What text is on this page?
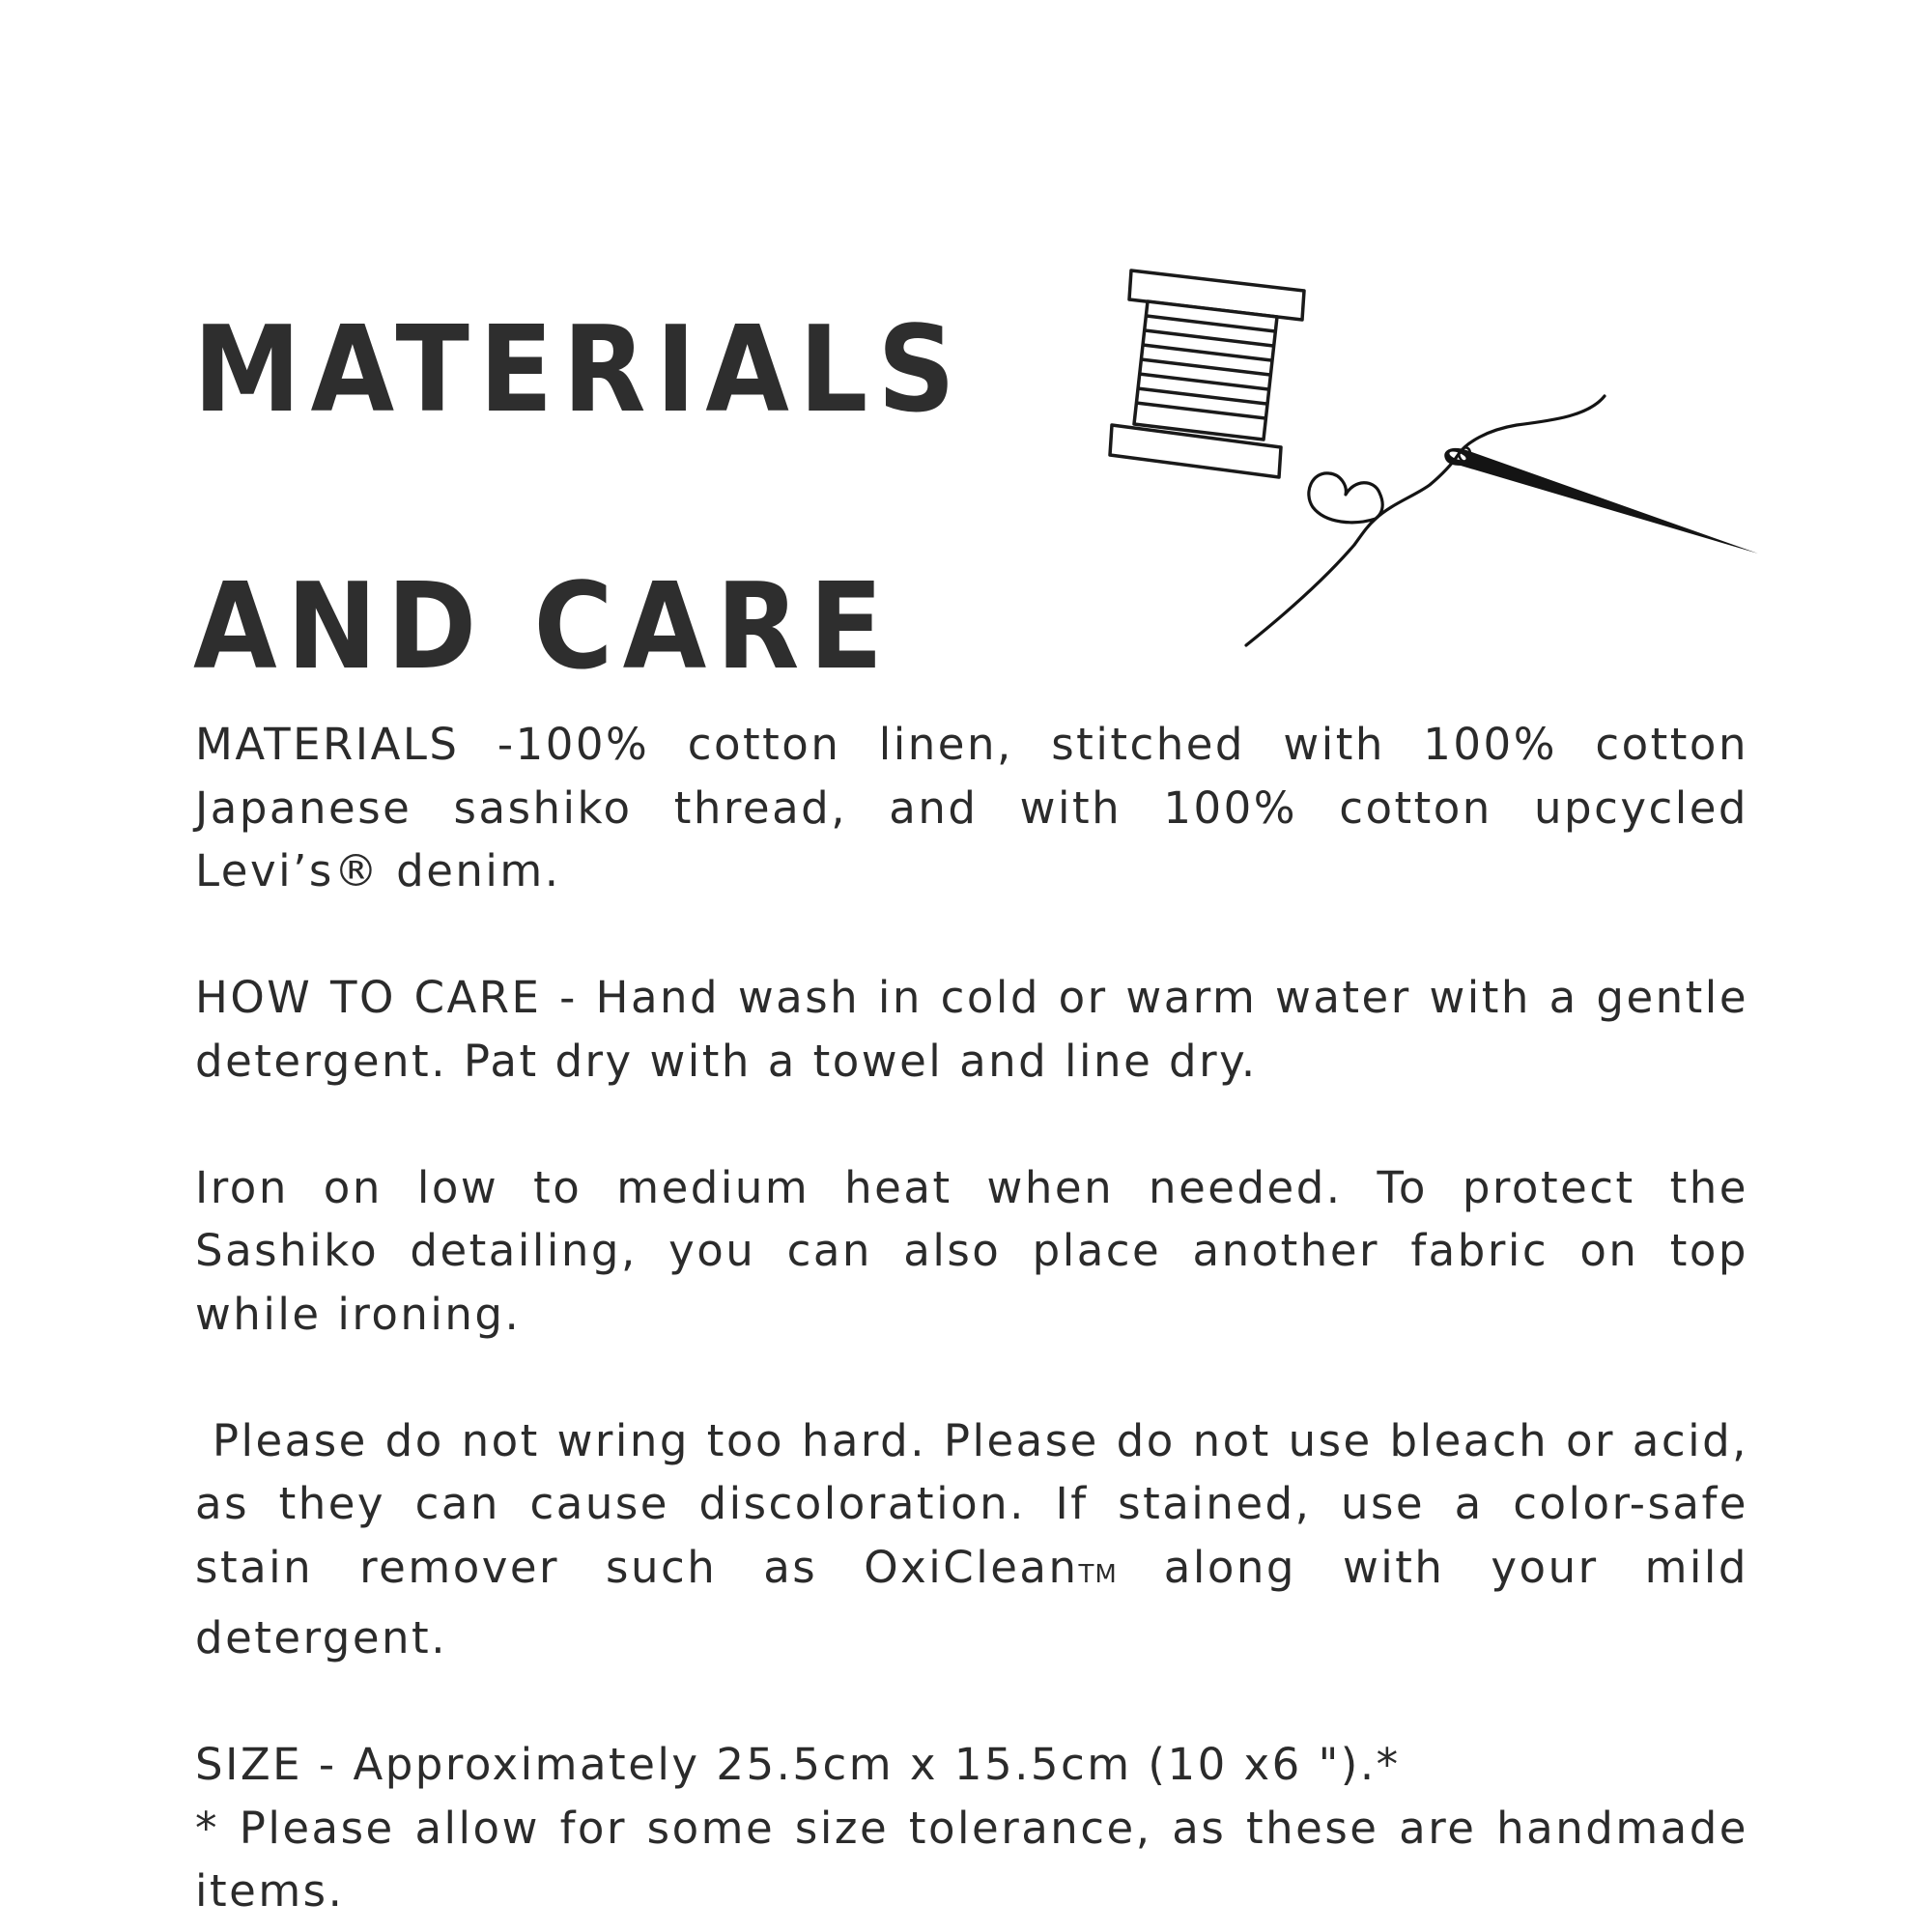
MATERIALS
AND CARE

MATERIALS -100% cotton linen, stitched with 100% cotton Japanese sashiko thread, and with 100% cotton upcycled Levi’s® denim.

HOW TO CARE - Hand wash in cold or warm water with a gentle detergent. Pat dry with a towel and line dry.

Iron on low to medium heat when needed. To protect the Sashiko detailing, you can also place another fabric on top while ironing.

Please do not wring too hard. Please do not use bleach or acid, as they can cause discoloration. If stained, use a color-safe stain remover such as OxiCleanTM along with your mild detergent.

SIZE - Approximately 25.5cm x 15.5cm (10 x6 ").*

* Please allow for some size tolerance, as these are handmade items.
